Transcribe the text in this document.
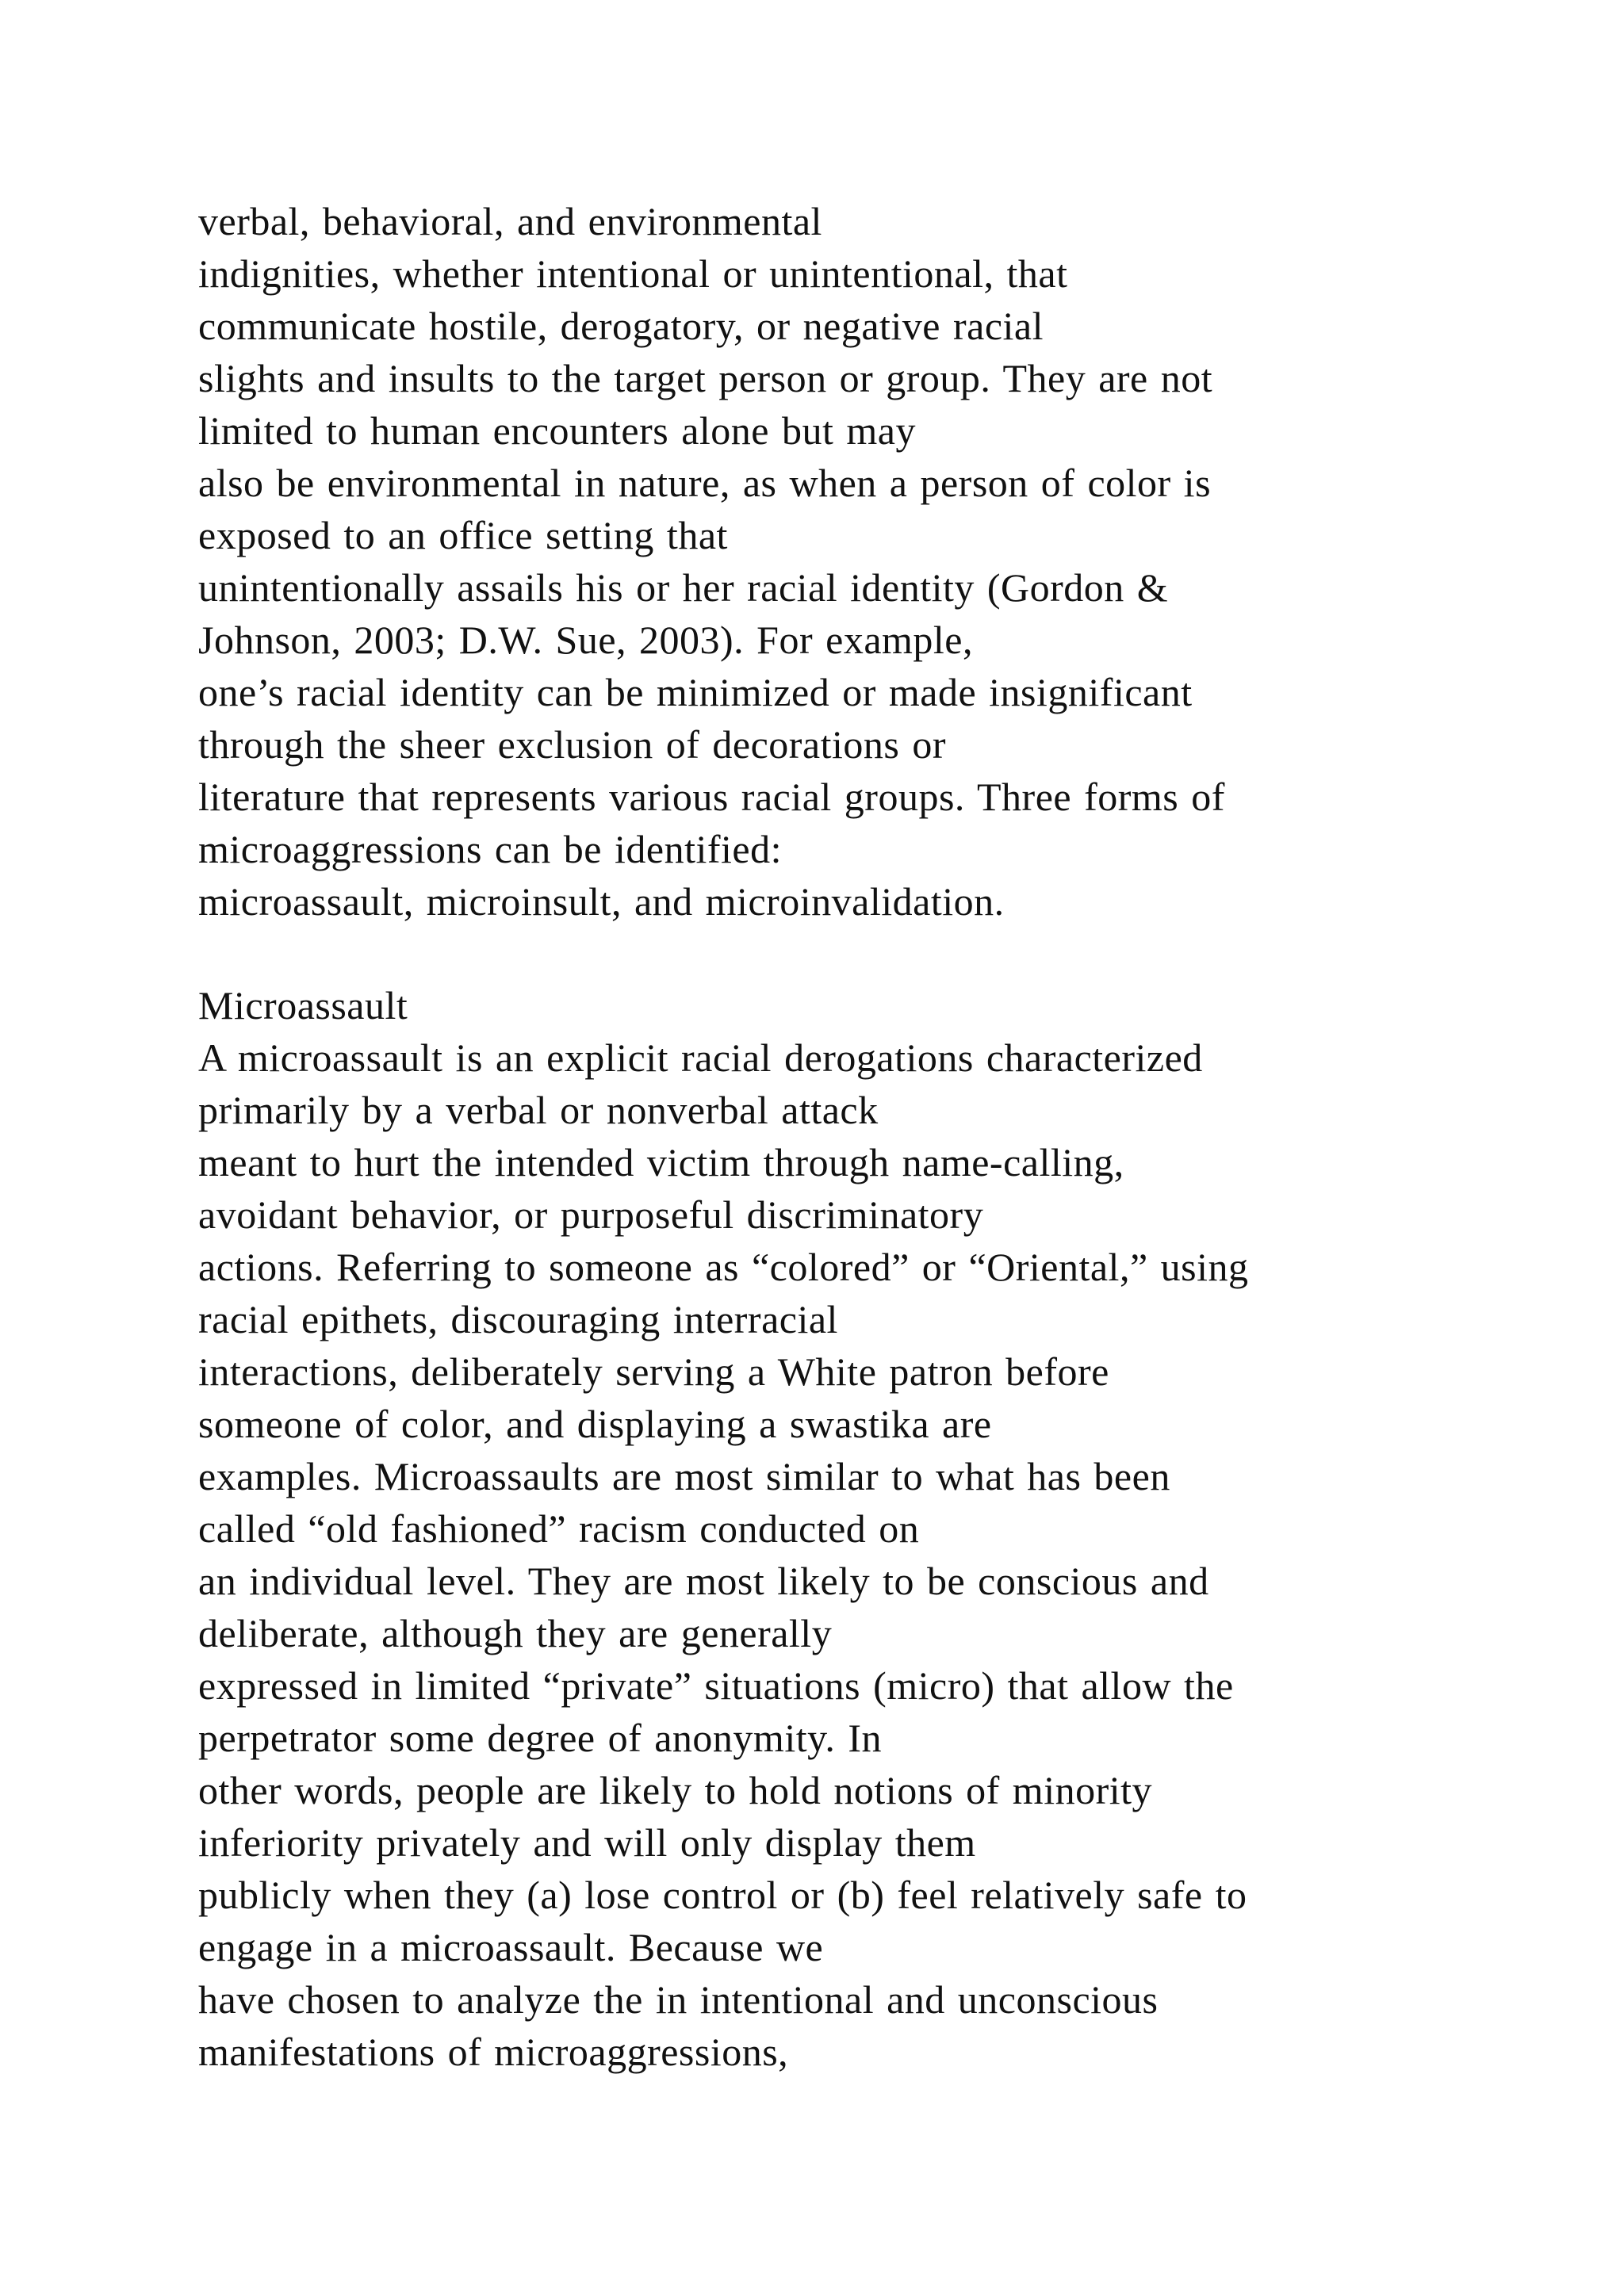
verbal, behavioral, and environmental
indignities, whether intentional or unintentional, that
communicate hostile, derogatory, or negative racial
slights and insults to the target person or group. They are not
limited to human encounters alone but may
also be environmental in nature, as when a person of color is
exposed to an office setting that
unintentionally assails his or her racial identity (Gordon &
Johnson, 2003; D.W. Sue, 2003). For example,
one’s racial identity can be minimized or made insignificant
through the sheer exclusion of decorations or
literature that represents various racial groups. Three forms of
microaggressions can be identified:
microassault, microinsult, and microinvalidation.
Microassault
A microassault is an explicit racial derogations characterized
primarily by a verbal or nonverbal attack
meant to hurt the intended victim through name-calling,
avoidant behavior, or purposeful discriminatory
actions. Referring to someone as “colored” or “Oriental,” using
racial epithets, discouraging interracial
interactions, deliberately serving a White patron before
someone of color, and displaying a swastika are
examples. Microassaults are most similar to what has been
called “old fashioned” racism conducted on
an individual level. They are most likely to be conscious and
deliberate, although they are generally
expressed in limited “private” situations (micro) that allow the
perpetrator some degree of anonymity. In
other words, people are likely to hold notions of minority
inferiority privately and will only display them
publicly when they (a) lose control or (b) feel relatively safe to
engage in a microassault. Because we
have chosen to analyze the in intentional and unconscious
manifestations of microaggressions,
